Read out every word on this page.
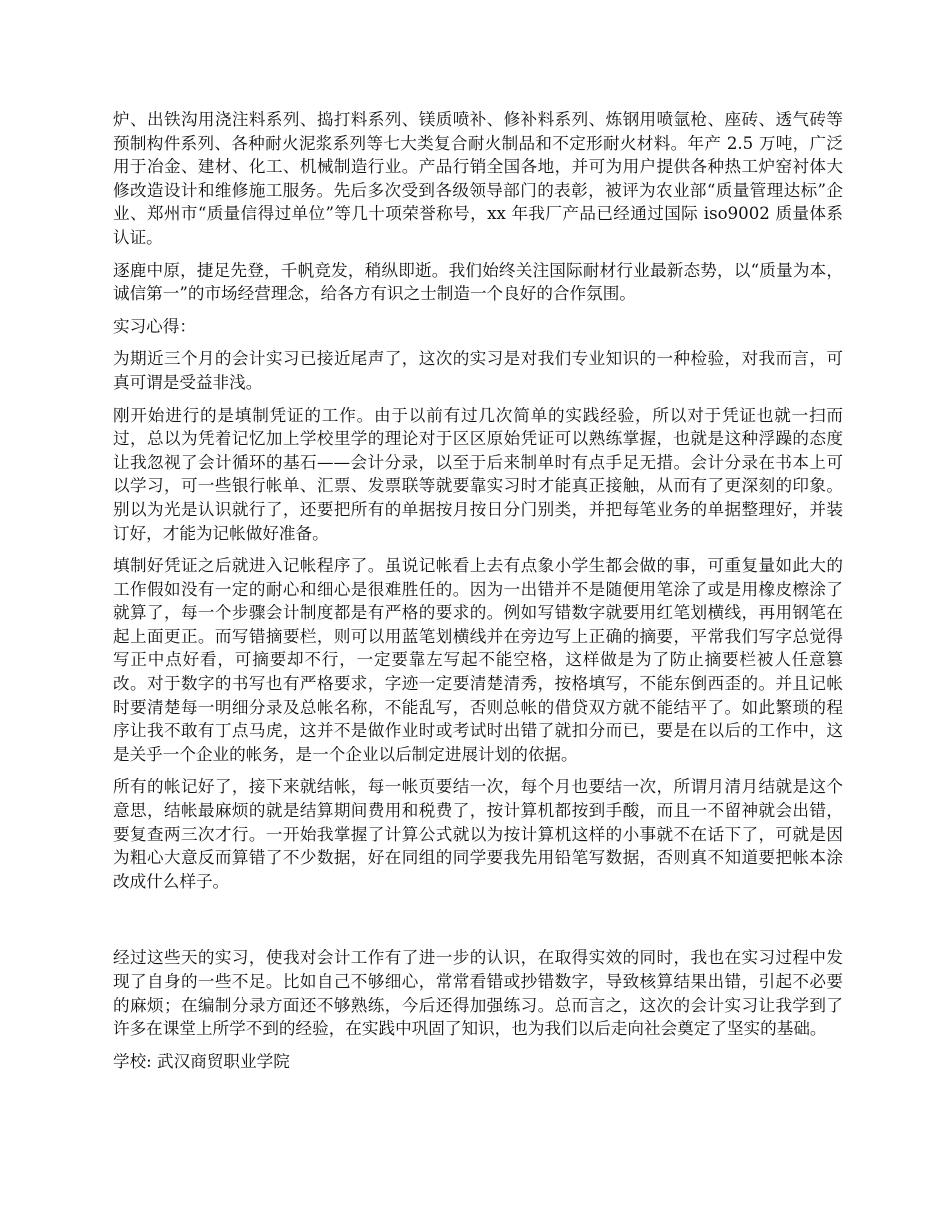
炉、出铁沟用浇注料系列、捣打料系列、镁质喷补、修补料系列、炼钢用喷氩枪、座砖、透气砖等预制构件系列、各种耐火泥浆系列等七大类复合耐火制品和不定形耐火材料。年产 2.5 万吨，广泛用于冶金、建材、化工、机械制造行业。产品行销全国各地，并可为用户提供各种热工炉窑衬体大修改造设计和维修施工服务。先后多次受到各级领导部门的表彰，被评为农业部“质量管理达标”企业、郑州市“质量信得过单位”等几十项荣誉称号，xx 年我厂产品已经通过国际 iso9002 质量体系认证。

逐鹿中原，捷足先登，千帆竞发，稍纵即逝。我们始终关注国际耐材行业最新态势，以“质量为本，诚信第一”的市场经营理念，给各方有识之士制造一个良好的合作氛围。

实习心得：

为期近三个月的会计实习已接近尾声了，这次的实习是对我们专业知识的一种检验，对我而言，可真可谓是受益非浅。

刚开始进行的是填制凭证的工作。由于以前有过几次简单的实践经验，所以对于凭证也就一扫而过，总以为凭着记忆加上学校里学的理论对于区区原始凭证可以熟练掌握，也就是这种浮躁的态度让我忽视了会计循环的基石——会计分录，以至于后来制单时有点手足无措。会计分录在书本上可以学习，可一些银行帐单、汇票、发票联等就要靠实习时才能真正接触，从而有了更深刻的印象。别以为光是认识就行了，还要把所有的单据按月按日分门别类，并把每笔业务的单据整理好，并装订好，才能为记帐做好准备。

填制好凭证之后就进入记帐程序了。虽说记帐看上去有点象小学生都会做的事，可重复量如此大的工作假如没有一定的耐心和细心是很难胜任的。因为一出错并不是随便用笔涂了或是用橡皮檫涂了就算了，每一个步骤会计制度都是有严格的要求的。例如写错数字就要用红笔划横线，再用钢笔在起上面更正。而写错摘要栏，则可以用蓝笔划横线并在旁边写上正确的摘要，平常我们写字总觉得写正中点好看，可摘要却不行，一定要靠左写起不能空格，这样做是为了防止摘要栏被人任意篡改。对于数字的书写也有严格要求，字迹一定要清楚清秀，按格填写，不能东倒西歪的。并且记帐时要清楚每一明细分录及总帐名称，不能乱写，否则总帐的借贷双方就不能结平了。如此繁琐的程序让我不敢有丁点马虎，这并不是做作业时或考试时出错了就扣分而已，要是在以后的工作中，这是关乎一个企业的帐务，是一个企业以后制定进展计划的依据。

所有的帐记好了，接下来就结帐，每一帐页要结一次，每个月也要结一次，所谓月清月结就是这个意思，结帐最麻烦的就是结算期间费用和税费了，按计算机都按到手酸，而且一不留神就会出错，要复查两三次才行。一开始我掌握了计算公式就以为按计算机这样的小事就不在话下了，可就是因为粗心大意反而算错了不少数据，好在同组的同学要我先用铅笔写数据，否则真不知道要把帐本涂改成什么样子。

经过这些天的实习，使我对会计工作有了进一步的认识，在取得实效的同时，我也在实习过程中发现了自身的一些不足。比如自己不够细心，常常看错或抄错数字，导致核算结果出错，引起不必要的麻烦；在编制分录方面还不够熟练，今后还得加强练习。总而言之，这次的会计实习让我学到了许多在课堂上所学不到的经验，在实践中巩固了知识，也为我们以后走向社会奠定了坚实的基础。

学校: 武汉商贸职业学院
